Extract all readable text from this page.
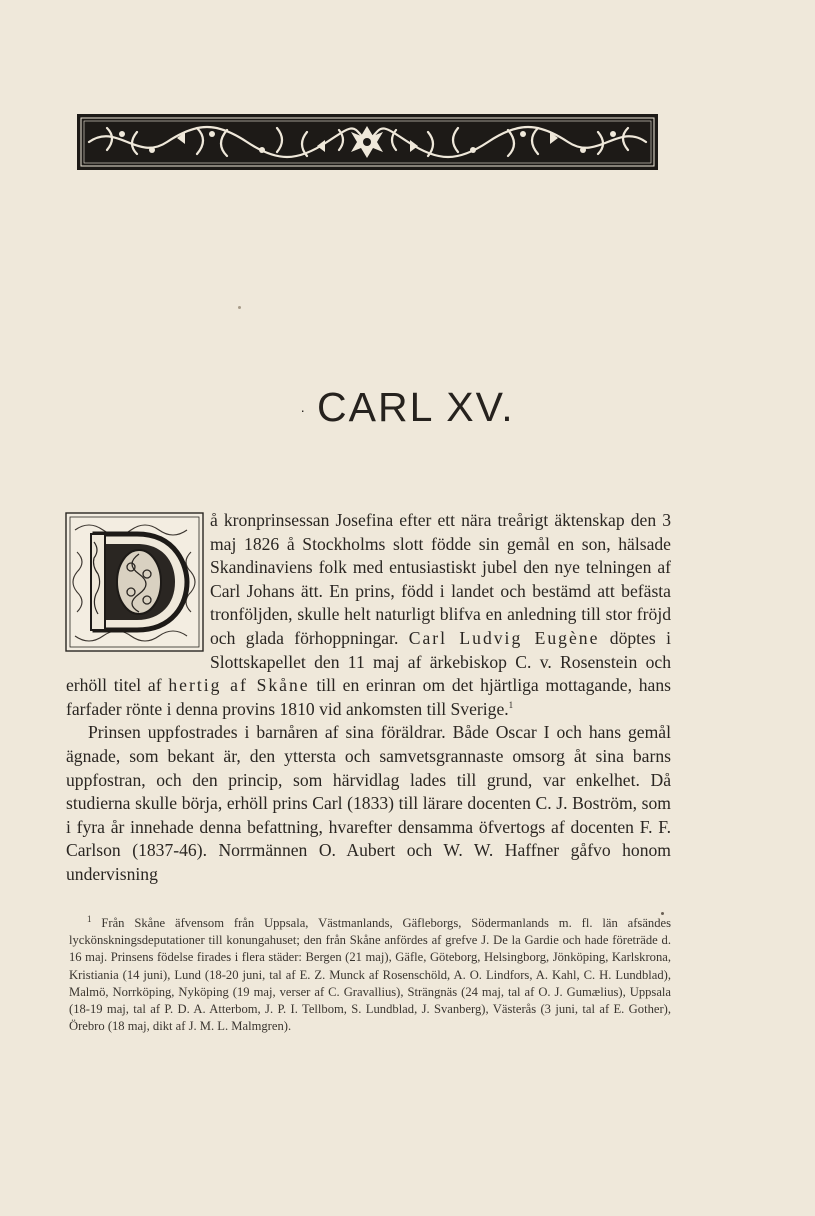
· CARL XV.

å kronprinsessan Josefina efter ett nära treårigt äktenskap den 3 maj 1826 å Stockholms slott födde sin gemål en son, hälsade Skandinaviens folk med entusiastiskt jubel den nye telningen af Carl Johans ätt. En prins, född i landet och bestämd att befästa tronföljden, skulle helt naturligt blifva en anledning till stor fröjd och glada förhoppningar. Carl Ludvig Eugène döptes i Slottskapellet den 11 maj af ärkebiskop C. v. Rosenstein och erhöll titel af hertig af Skåne till en erinran om det hjärtliga mottagande, hans farfader rönte i denna provins 1810 vid ankomsten till Sverige.$^1$

Prinsen uppfostrades i barnåren af sina föräldrar. Både Oscar I och hans gemål ägnade, som bekant är, den yttersta och samvetsgrannaste omsorg åt sina barns uppfostran, och den princip, som härvidlag lades till grund, var enkelhet. Då studierna skulle börja, erhöll prins Carl (1833) till lärare docenten C. J. Boström, som i fyra år innehade denna befattning, hvarefter densamma öfvertogs af docenten F. F. Carlson (1837-46). Norrmännen O. Aubert och W. W. Haffner gåfvo honom undervisning

$^1$ Från Skåne äfvensom från Uppsala, Västmanlands, Gäfleborgs, Södermanlands m. fl. län afsändes lyckönskningsdeputationer till konungahuset; den från Skåne anfördes af grefve J. De la Gardie och hade företräde d. 16 maj. Prinsens födelse firades i flera städer: Bergen (21 maj), Gäfle, Göteborg, Helsingborg, Jönköping, Karlskrona, Kristiania (14 juni), Lund (18-20 juni, tal af E. Z. Munck af Rosenschöld, A. O. Lindfors, A. Kahl, C. H. Lundblad), Malmö, Norrköping, Nyköping (19 maj, verser af C. Gravallius), Strängnäs (24 maj, tal af O. J. Gumælius), Uppsala (18-19 maj, tal af P. D. A. Atterbom, J. P. I. Tellbom, S. Lundblad, J. Svanberg), Västerås (3 juni, tal af E. Gother), Örebro (18 maj, dikt af J. M. L. Malmgren).
